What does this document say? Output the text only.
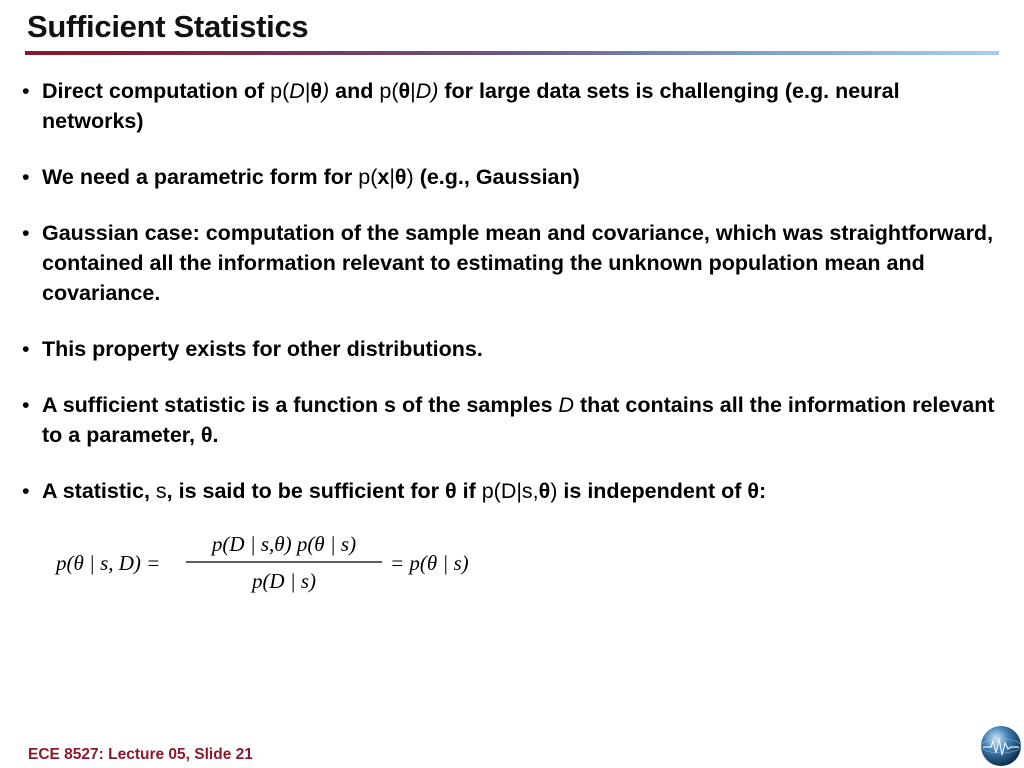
Sufficient Statistics
• Direct computation of p(D|θ) and p(θ|D) for large data sets is challenging (e.g. neural networks)
• We need a parametric form for p(x|θ) (e.g., Gaussian)
• Gaussian case: computation of the sample mean and covariance, which was straightforward, contained all the information relevant to estimating the unknown population mean and covariance.
• This property exists for other distributions.
• A sufficient statistic is a function s of the samples D that contains all the information relevant to a parameter, θ.
• A statistic, s, is said to be sufficient for θ if p(D|s,θ) is independent of θ:
p(θ | s, D) =
p(D | s,θ) p(θ | s)
p(D | s)
= p(θ | s)
ECE 8527: Lecture 05, Slide 21
